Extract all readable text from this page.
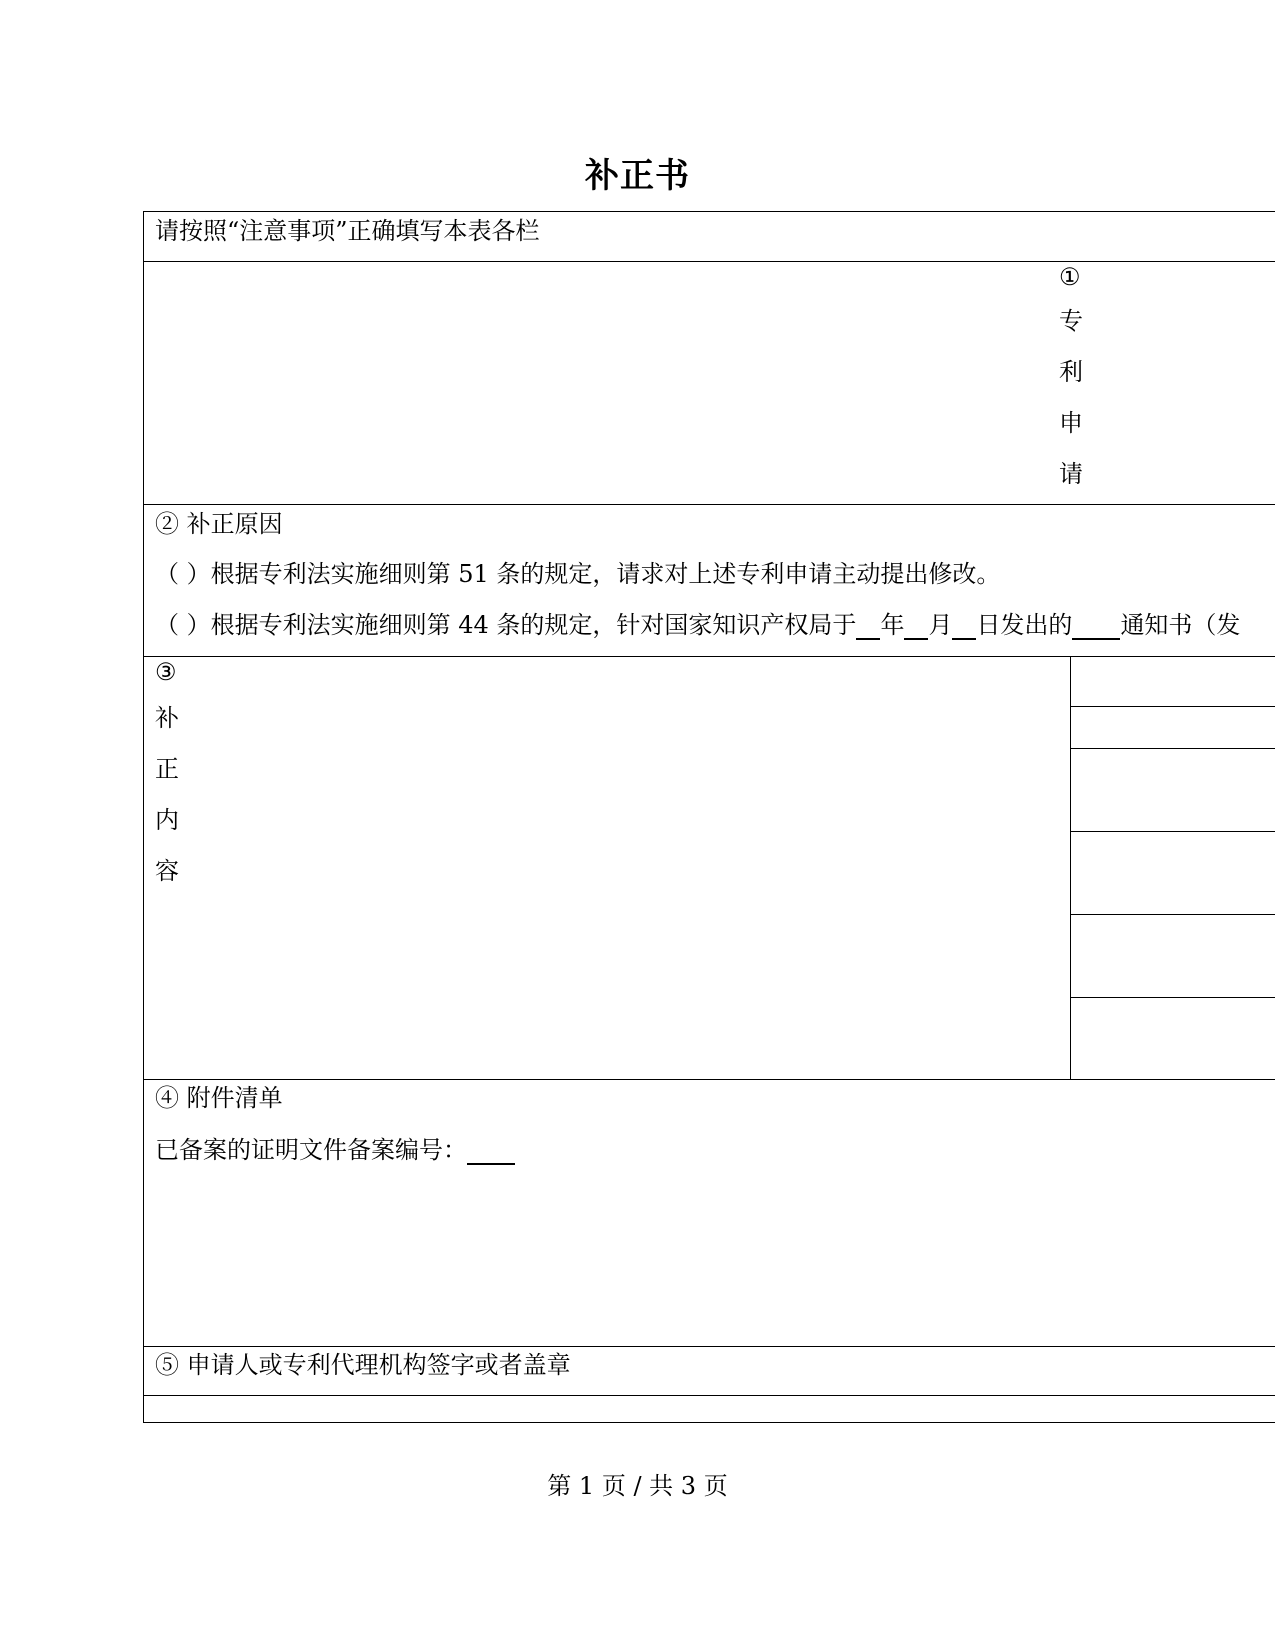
补正书
请按照“注意事项”正确填写本表各栏
①
专
利
申
请
② 补正原因
（ ）根据专利法实施细则第 51 条的规定，请求对上述专利申请主动提出修改。
（ ）根据专利法实施细则第 44 条的规定，针对国家知识产权局于 年 月 日发出的 通知书（发
③
补
正
内
容
④ 附件清单
已备案的证明文件备案编号：
⑤ 申请人或专利代理机构签字或者盖章
第 1 页 / 共 3 页
